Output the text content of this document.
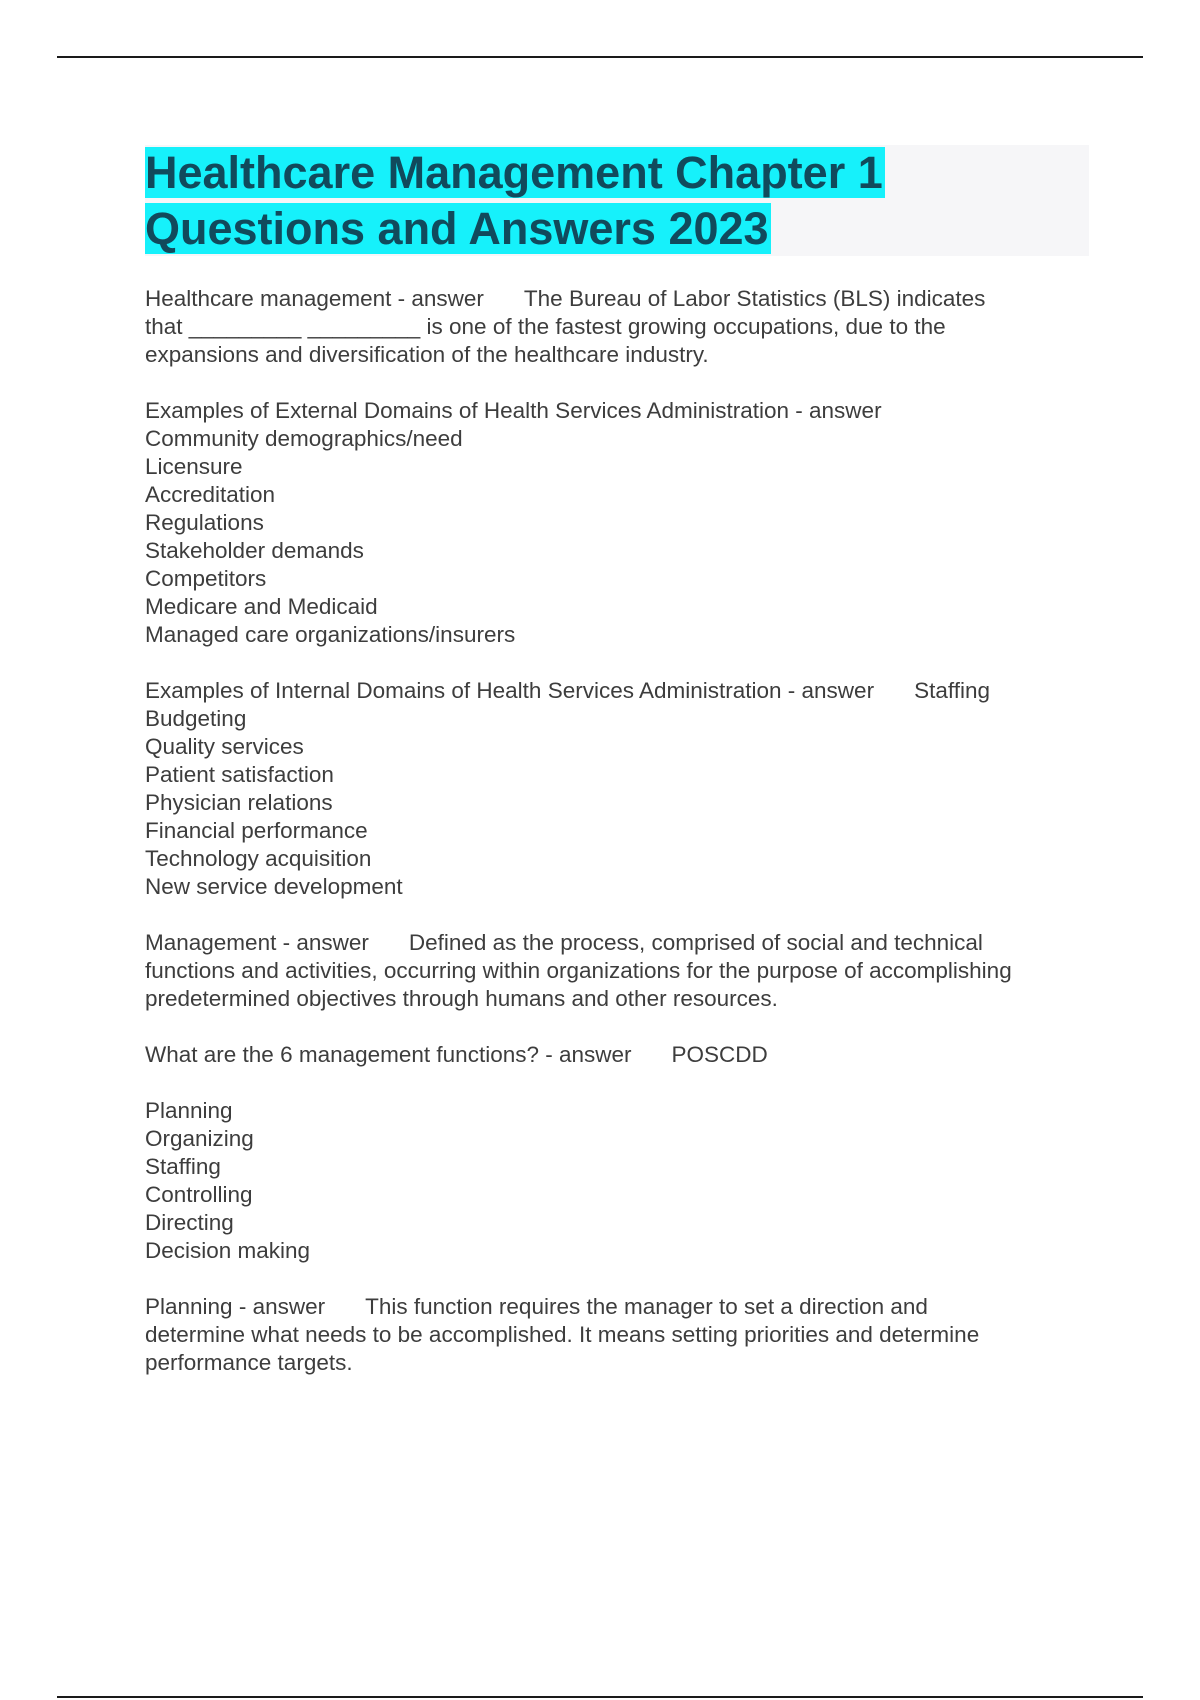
Healthcare Management Chapter 1
Questions and Answers 2023
Healthcare management - answer The Bureau of Labor Statistics (BLS) indicates
that _________ _________ is one of the fastest growing occupations, due to the
expansions and diversification of the healthcare industry.
Examples of External Domains of Health Services Administration - answer
Community demographics/need
Licensure
Accreditation
Regulations
Stakeholder demands
Competitors
Medicare and Medicaid
Managed care organizations/insurers
Examples of Internal Domains of Health Services Administration - answer Staffing
Budgeting
Quality services
Patient satisfaction
Physician relations
Financial performance
Technology acquisition
New service development
Management - answer Defined as the process, comprised of social and technical
functions and activities, occurring within organizations for the purpose of accomplishing
predetermined objectives through humans and other resources.
What are the 6 management functions? - answer POSCDD
Planning
Organizing
Staffing
Controlling
Directing
Decision making
Planning - answer This function requires the manager to set a direction and
determine what needs to be accomplished. It means setting priorities and determine
performance targets.
